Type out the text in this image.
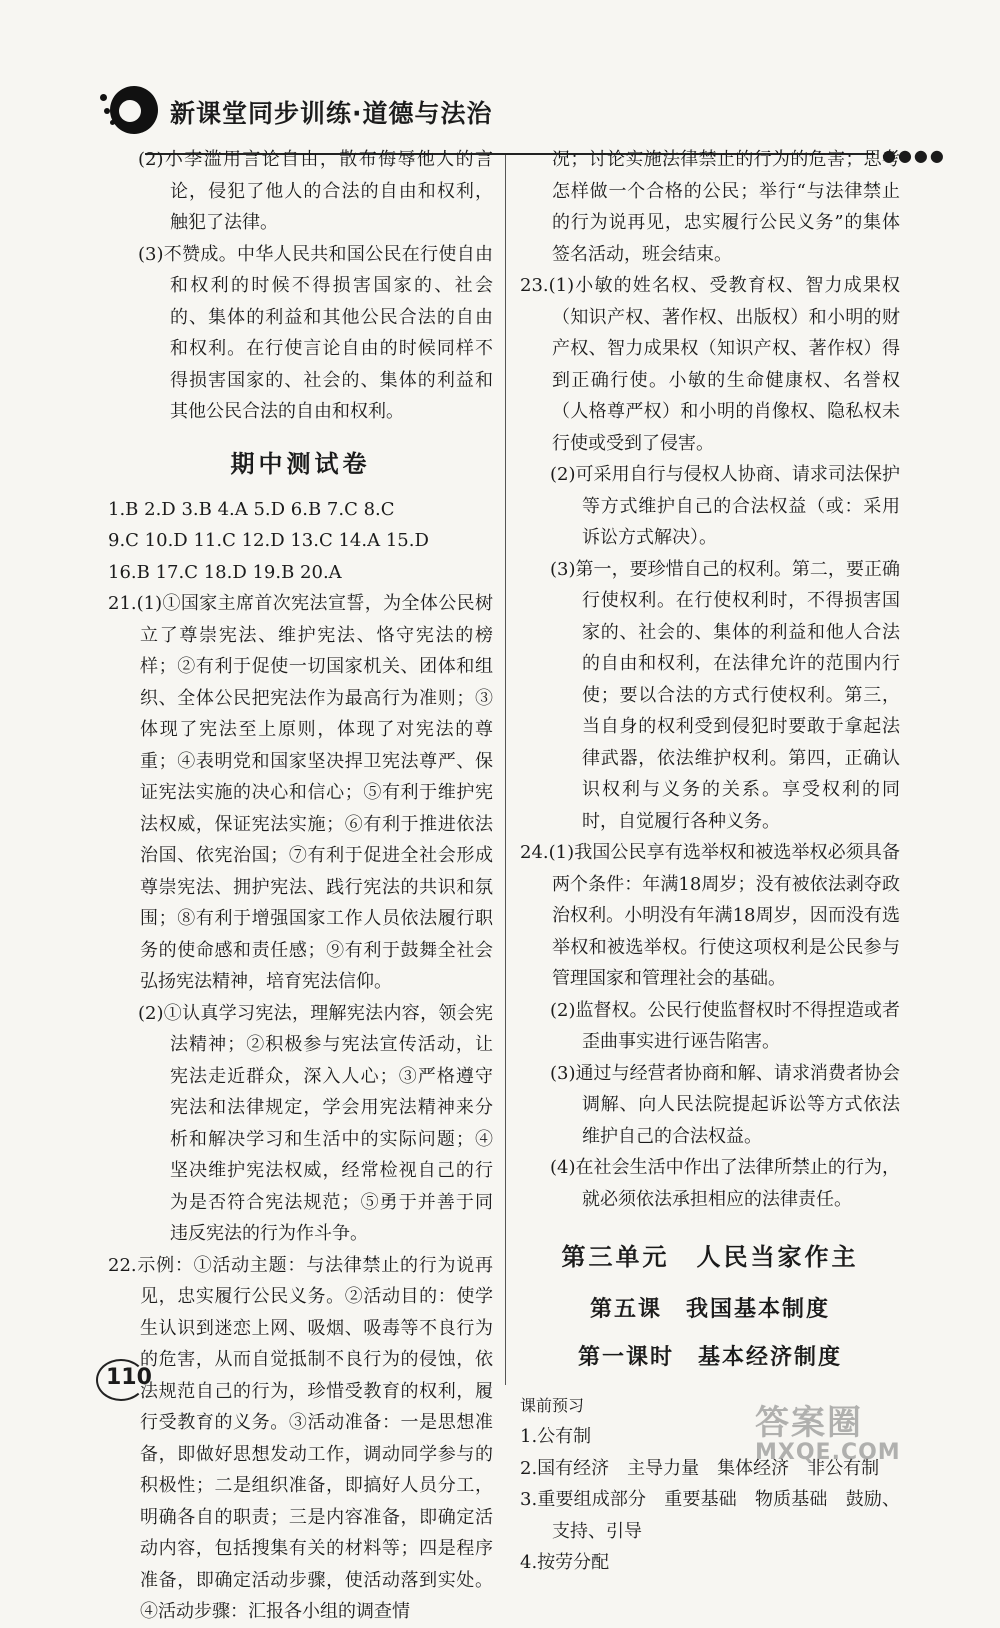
新课堂同步训练·道德与法治
●●●●

(2)小李滥用言论自由，散布侮辱他人的言论，侵犯了他人的合法的自由和权利，触犯了法律。

(3)不赞成。中华人民共和国公民在行使自由和权利的时候不得损害国家的、社会的、集体的利益和其他公民合法的自由和权利。在行使言论自由的时候同样不得损害国家的、社会的、集体的利益和其他公民合法的自由和权利。

期中测试卷

1.B 2.D 3.B 4.A 5.D 6.B 7.C 8.C

9.C 10.D 11.C 12.D 13.C 14.A 15.D

16.B 17.C 18.D 19.B 20.A

21.(1)①国家主席首次宪法宣誓，为全体公民树立了尊崇宪法、维护宪法、恪守宪法的榜样；②有利于促使一切国家机关、团体和组织、全体公民把宪法作为最高行为准则；③体现了宪法至上原则，体现了对宪法的尊重；④表明党和国家坚决捍卫宪法尊严、保证宪法实施的决心和信心；⑤有利于维护宪法权威，保证宪法实施；⑥有利于推进依法治国、依宪治国；⑦有利于促进全社会形成尊崇宪法、拥护宪法、践行宪法的共识和氛围；⑧有利于增强国家工作人员依法履行职务的使命感和责任感；⑨有利于鼓舞全社会弘扬宪法精神，培育宪法信仰。

(2)①认真学习宪法，理解宪法内容，领会宪法精神；②积极参与宪法宣传活动，让宪法走近群众，深入人心；③严格遵守宪法和法律规定，学会用宪法精神来分析和解决学习和生活中的实际问题；④坚决维护宪法权威，经常检视自己的行为是否符合宪法规范；⑤勇于并善于同违反宪法的行为作斗争。

22.示例：①活动主题：与法律禁止的行为说再见，忠实履行公民义务。②活动目的：使学生认识到迷恋上网、吸烟、吸毒等不良行为的危害，从而自觉抵制不良行为的侵蚀，依法规范自己的行为，珍惜受教育的权利，履行受教育的义务。③活动准备：一是思想准备，即做好思想发动工作，调动同学参与的积极性；二是组织准备，即搞好人员分工，明确各自的职责；三是内容准备，即确定活动内容，包括搜集有关的材料等；四是程序准备，即确定活动步骤，使活动落到实处。④活动步骤：汇报各小组的调查情

况；讨论实施法律禁止的行为的危害；思考怎样做一个合格的公民；举行“与法律禁止的行为说再见，忠实履行公民义务”的集体签名活动，班会结束。

23.(1)小敏的姓名权、受教育权、智力成果权（知识产权、著作权、出版权）和小明的财产权、智力成果权（知识产权、著作权）得到正确行使。小敏的生命健康权、名誉权（人格尊严权）和小明的肖像权、隐私权未行使或受到了侵害。

(2)可采用自行与侵权人协商、请求司法保护等方式维护自己的合法权益（或：采用诉讼方式解决）。

(3)第一，要珍惜自己的权利。第二，要正确行使权利。在行使权利时，不得损害国家的、社会的、集体的利益和他人合法的自由和权利，在法律允许的范围内行使；要以合法的方式行使权利。第三，当自身的权利受到侵犯时要敢于拿起法律武器，依法维护权利。第四，正确认识权利与义务的关系。享受权利的同时，自觉履行各种义务。

24.(1)我国公民享有选举权和被选举权必须具备两个条件：年满18周岁；没有被依法剥夺政治权利。小明没有年满18周岁，因而没有选举权和被选举权。行使这项权利是公民参与管理国家和管理社会的基础。

(2)监督权。公民行使监督权时不得捏造或者歪曲事实进行诬告陷害。

(3)通过与经营者协商和解、请求消费者协会调解、向人民法院提起诉讼等方式依法维护自己的合法权益。

(4)在社会生活中作出了法律所禁止的行为，就必须依法承担相应的法律责任。

第三单元　人民当家作主
第五课　我国基本制度
第一课时　基本经济制度
课前预习

1.公有制

2.国有经济　主导力量　集体经济　非公有制

3.重要组成部分　重要基础　物质基础　鼓励、支持、引导

4.按劳分配

110
答案圈
MXQE.COM
